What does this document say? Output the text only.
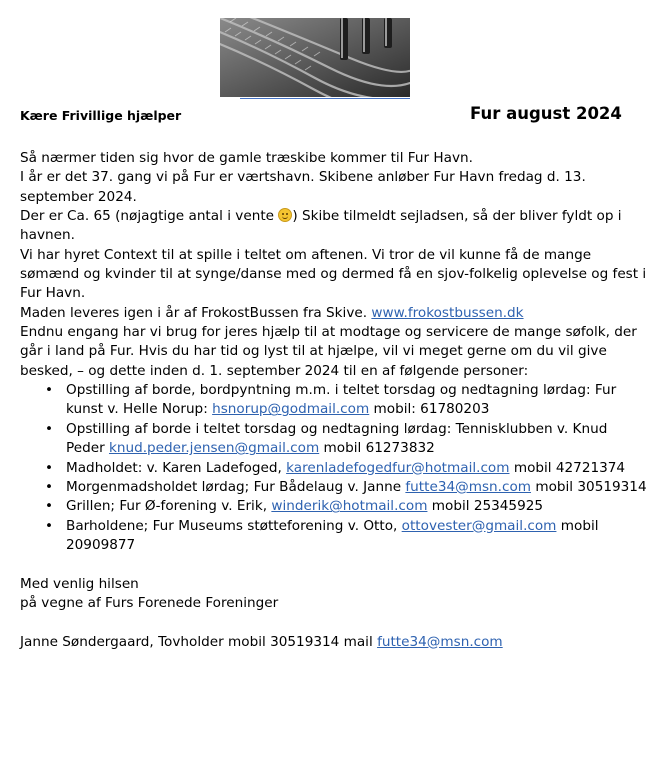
Kære Frivillige hjælper	Fur august 2024

Så nærmer tiden sig hvor de gamle træskibe kommer til Fur Havn.

I år er det 37. gang vi på Fur er værtshavn. Skibene anløber Fur Havn fredag d. 13. september 2024.

Der er Ca. 65 (nøjagtige antal i vente ) Skibe tilmeldt sejladsen, så der bliver fyldt op i havnen.

Vi har hyret Context til at spille i teltet om aftenen. Vi tror de vil kunne få de mange sømænd og kvinder til at synge/danse med og dermed få en sjov-folkelig oplevelse og fest i Fur Havn.

Maden leveres igen i år af FrokostBussen fra Skive. www.frokostbussen.dk

Endnu engang har vi brug for jeres hjælp til at modtage og servicere de mange søfolk, der går i land på Fur. Hvis du har tid og lyst til at hjælpe, vil vi meget gerne om du vil give besked, – og dette inden d. 1. september 2024 til en af følgende personer:

• Opstilling af borde, bordpyntning m.m. i teltet torsdag og nedtagning lørdag: Fur kunst v. Helle Norup: hsnorup@godmail.com mobil: 61780203
• Opstilling af borde i teltet torsdag og nedtagning lørdag: Tennisklubben v. Knud Peder knud.peder.jensen@gmail.com mobil 61273832
• Madholdet: v. Karen Ladefoged, karenladefogedfur@hotmail.com mobil 42721374
• Morgenmadsholdet lørdag; Fur Bådelaug v. Janne futte34@msn.com mobil 30519314
• Grillen; Fur Ø-forening v. Erik, winderik@hotmail.com mobil 25345925
• Barholdene; Fur Museums støtteforening v. Otto, ottovester@gmail.com mobil 20909877

Med venlig hilsen

på vegne af Furs Forenede Foreninger

Janne Søndergaard, Tovholder mobil 30519314 mail futte34@msn.com
